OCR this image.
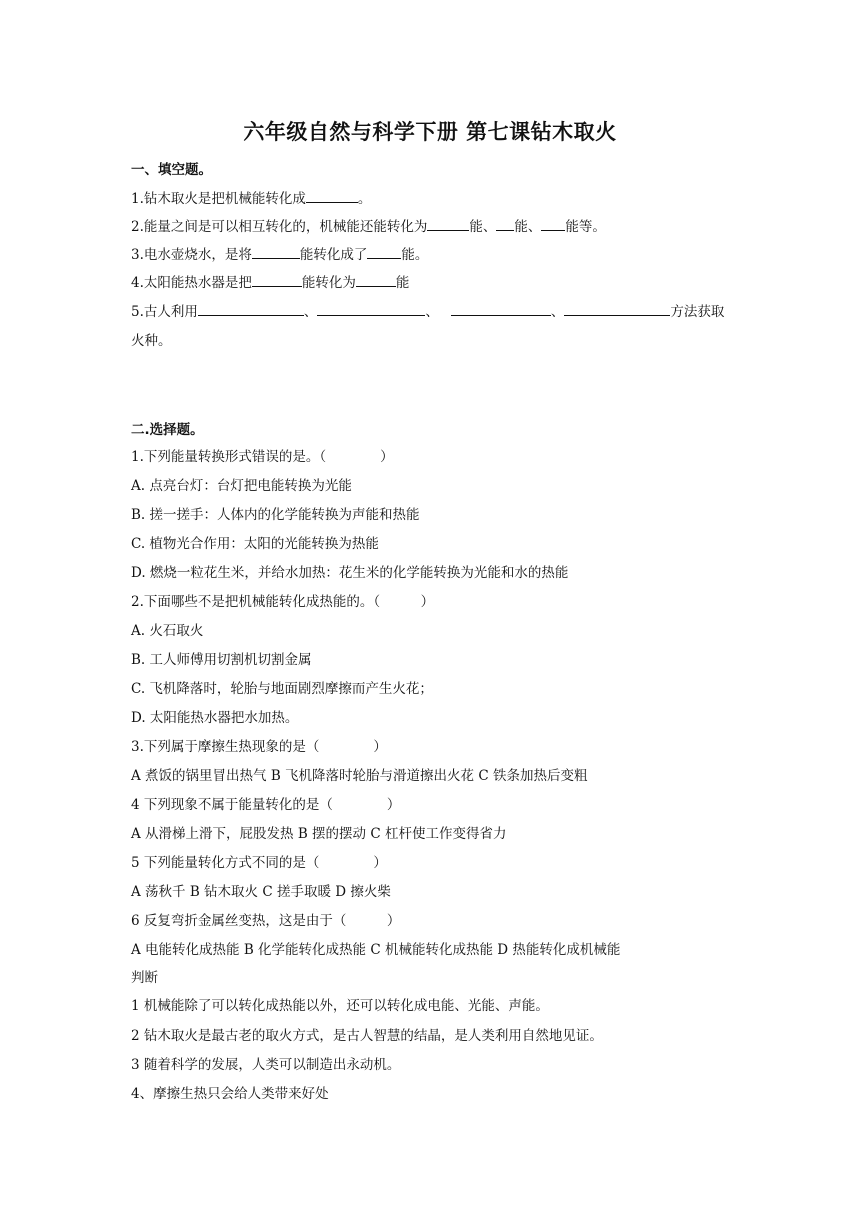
六年级自然与科学下册 第七课钻木取火
一、填空题。
1.钻木取火是把机械能转化成	。
2.能量之间是可以相互转化的，机械能还能转化为	能、 能、 能等。
3.电水壶烧水，是将	能转化成了	能。
4.太阳能热水器是把	能转化为	能
5.古人利用	、	、	、	方法获取
火种。
二.选择题。
1.下列能量转换形式错误的是。（　　　　）
A. 点亮台灯：台灯把电能转换为光能
B. 搓一搓手：人体内的化学能转换为声能和热能
C. 植物光合作用：太阳的光能转换为热能
D. 燃烧一粒花生米，并给水加热：花生米的化学能转换为光能和水的热能
2.下面哪些不是把机械能转化成热能的。（　　　）
A. 火石取火
B. 工人师傅用切割机切割金属
C. 飞机降落时，轮胎与地面剧烈摩擦而产生火花；
D. 太阳能热水器把水加热。
3.下列属于摩擦生热现象的是（　　　　）
A 煮饭的锅里冒出热气 B 飞机降落时轮胎与滑道擦出火花 C 铁条加热后变粗
4 下列现象不属于能量转化的是（　　　　）
A 从滑梯上滑下，屁股发热 B 摆的摆动 C 杠杆使工作变得省力
5 下列能量转化方式不同的是（　　　　）
A 荡秋千 B 钻木取火 C 搓手取暖 D 擦火柴
6 反复弯折金属丝变热，这是由于（　　　）
A 电能转化成热能 B 化学能转化成热能 C 机械能转化成热能 D 热能转化成机械能
判断
1 机械能除了可以转化成热能以外，还可以转化成电能、光能、声能。
2 钻木取火是最古老的取火方式，是古人智慧的结晶，是人类利用自然地见证。
3 随着科学的发展，人类可以制造出永动机。
4、摩擦生热只会给人类带来好处
